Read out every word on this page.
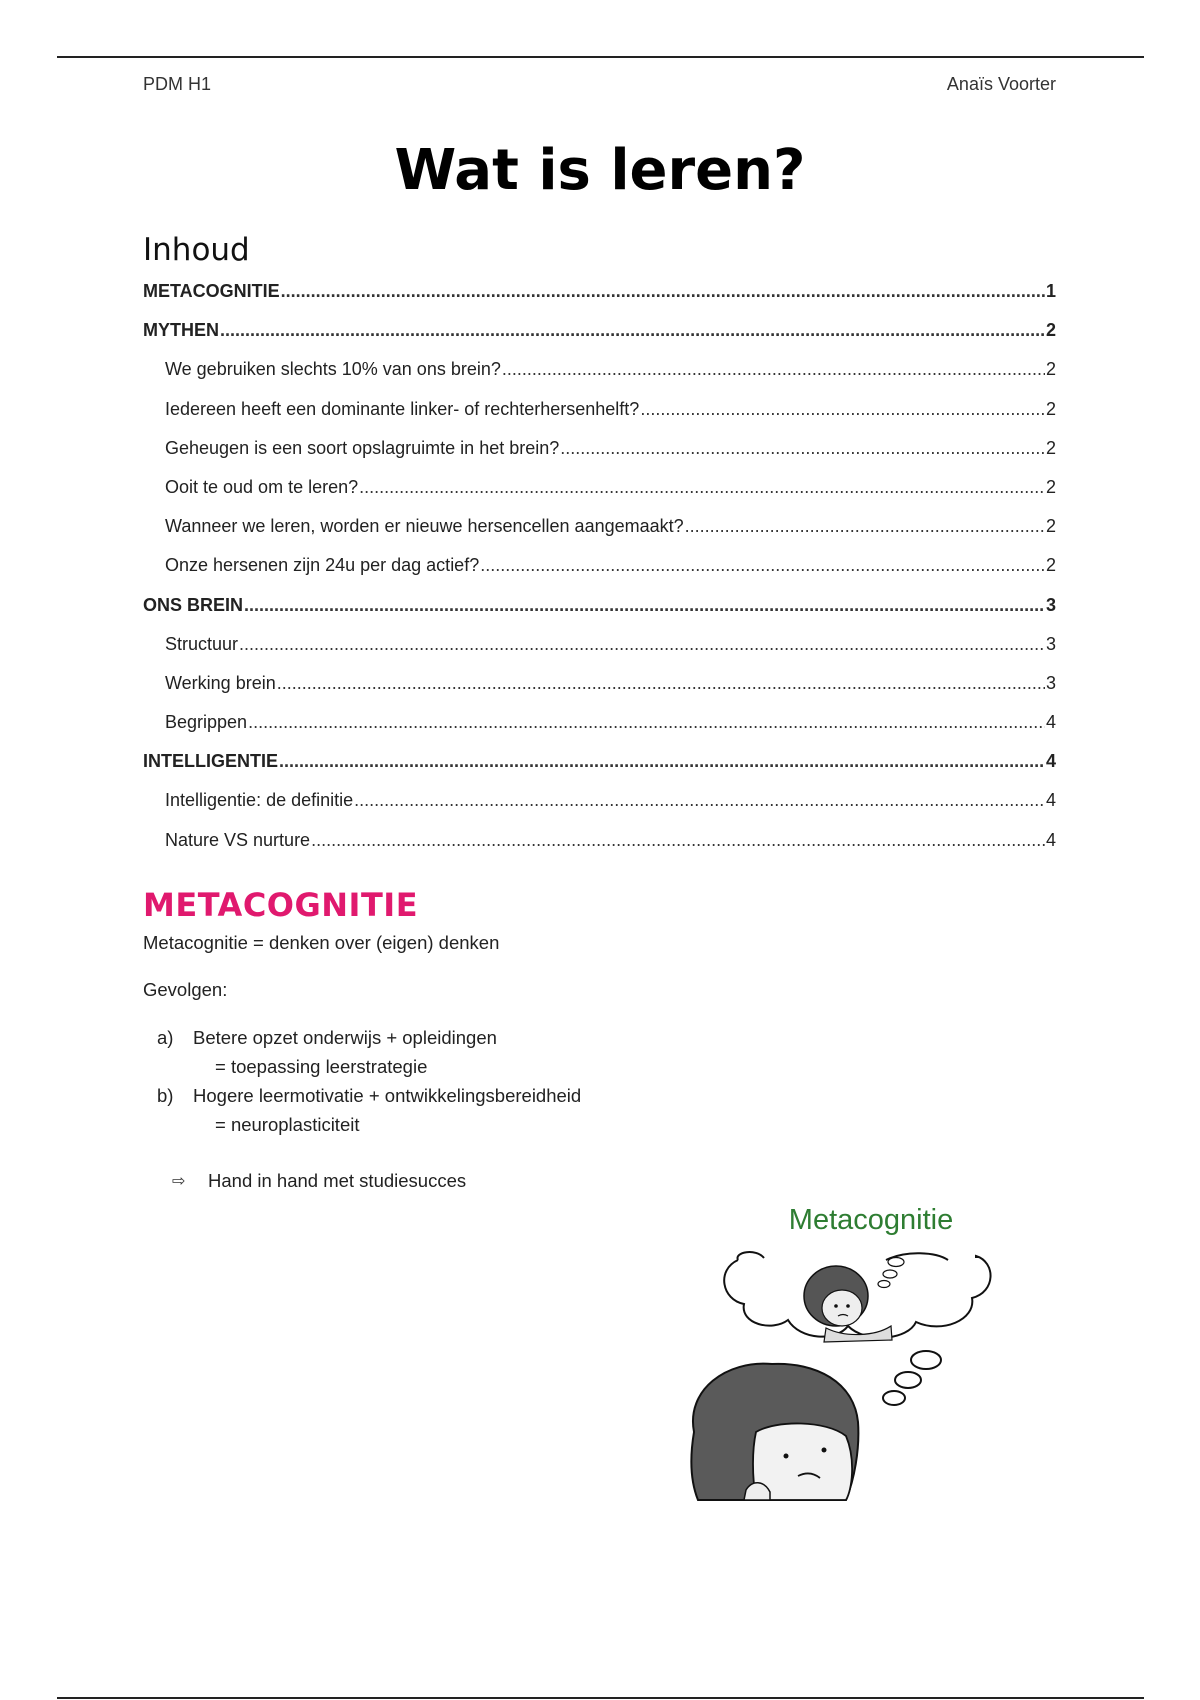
PDM H1	Anaïs Voorter
Wat is leren?
Inhoud
METACOGNITIE .....	1
MYTHEN .....	2
We gebruiken slechts 10% van ons brein? .....	2
Iedereen heeft een dominante linker- of rechterhersenhelft? .....	2
Geheugen is een soort opslagruimte in het brein? .....	2
Ooit te oud om te leren? .....	2
Wanneer we leren, worden er nieuwe hersencellen aangemaakt? .....	2
Onze hersenen zijn 24u per dag actief? .....	2
ONS BREIN .....	3
Structuur .....	3
Werking brein .....	3
Begrippen .....	4
INTELLIGENTIE .....	4
Intelligentie: de definitie .....	4
Nature VS nurture .....	4
METACOGNITIE
Metacognitie = denken over (eigen) denken
Gevolgen:
a)	Betere opzet onderwijs + opleidingen
= toepassing leerstrategie
b)	Hogere leermotivatie + ontwikkelingsbereidheid
= neuroplasticiteit
⇨	Hand in hand met studiesucces
Metacognitie
